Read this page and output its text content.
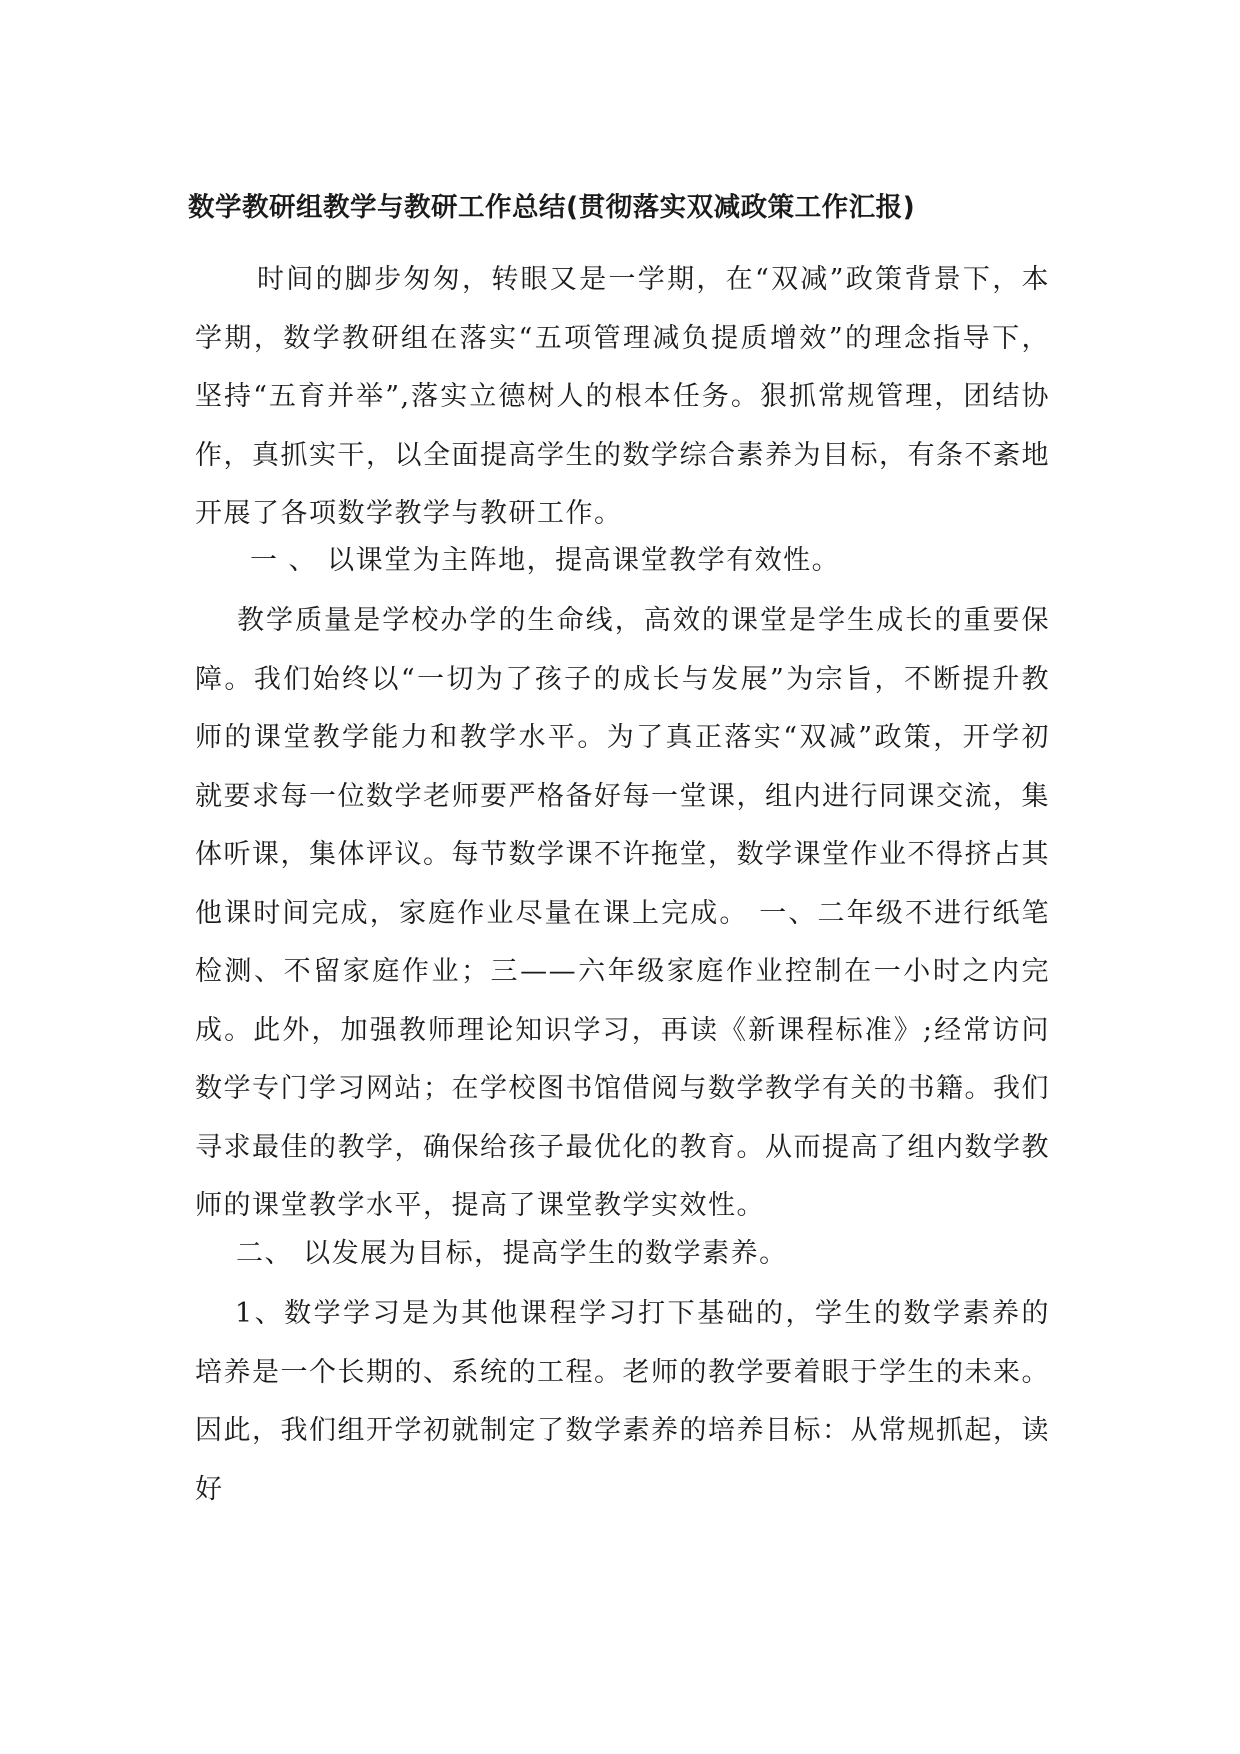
数学教研组教学与教研工作总结(贯彻落实双减政策工作汇报)

时间的脚步匆匆，转眼又是一学期，在“双减”政策背景下，本学期，数学教研组在落实“五项管理减负提质增效”的理念指导下，坚持“五育并举”,落实立德树人的根本任务。狠抓常规管理，团结协作，真抓实干，以全面提高学生的数学综合素养为目标，有条不紊地开展了各项数学教学与教研工作。

一 、 以课堂为主阵地，提高课堂教学有效性。

教学质量是学校办学的生命线，高效的课堂是学生成长的重要保障。我们始终以“一切为了孩子的成长与发展”为宗旨，不断提升教师的课堂教学能力和教学水平。为了真正落实“双减”政策，开学初就要求每一位数学老师要严格备好每一堂课，组内进行同课交流，集体听课，集体评议。每节数学课不许拖堂，数学课堂作业不得挤占其他课时间完成，家庭作业尽量在课上完成。 一、二年级不进行纸笔检测、不留家庭作业；三——六年级家庭作业控制在一小时之内完成。此外，加强教师理论知识学习，再读《新课程标准》;经常访问数学专门学习网站；在学校图书馆借阅与数学教学有关的书籍。我们寻求最佳的教学，确保给孩子最优化的教育。从而提高了组内数学教师的课堂教学水平，提高了课堂教学实效性。

二、 以发展为目标，提高学生的数学素养。

1、数学学习是为其他课程学习打下基础的，学生的数学素养的培养是一个长期的、系统的工程。老师的教学要着眼于学生的未来。因此，我们组开学初就制定了数学素养的培养目标：从常规抓起，读好
